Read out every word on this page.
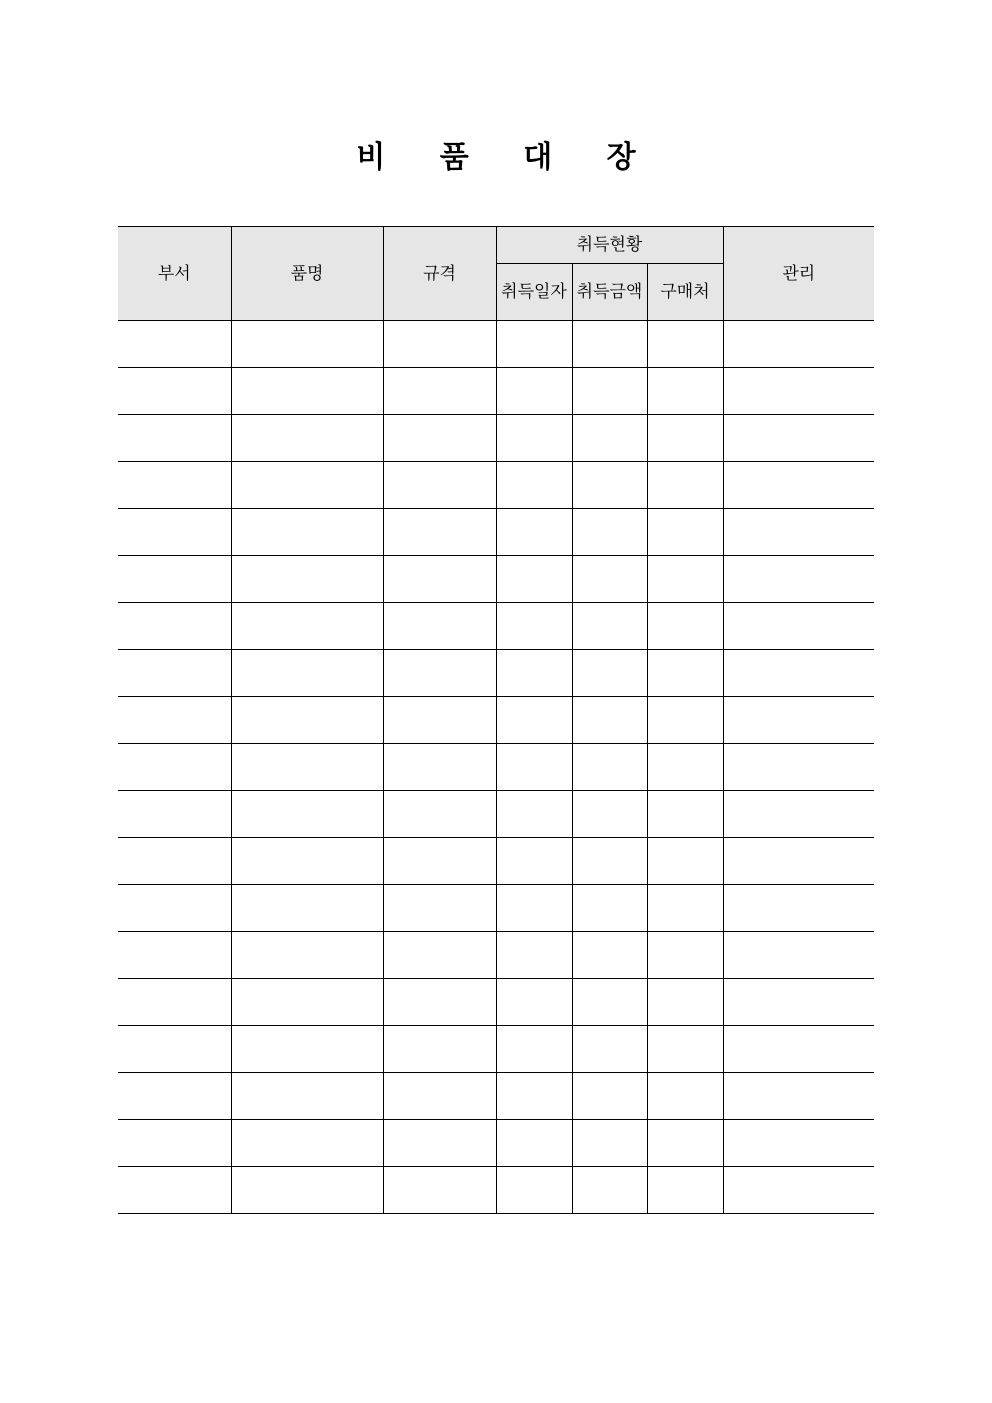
비 품 대 장
부서	품명	규격	취득현황			관리
			취득일자	취득금액	구매처	
